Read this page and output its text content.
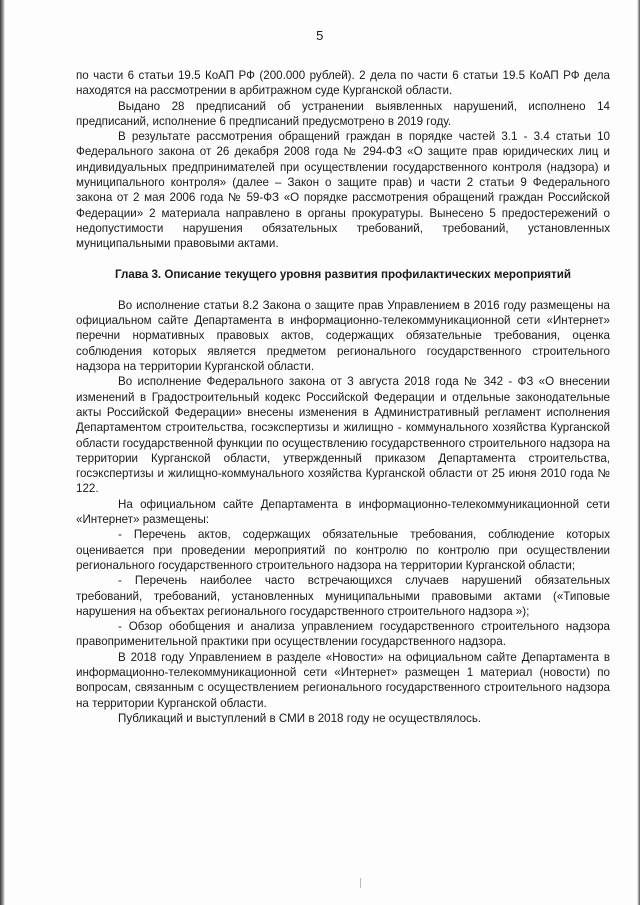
5

по части 6 статьи 19.5 КоАП РФ (200.000 рублей). 2 дела по части 6 статьи 19.5 КоАП РФ дела находятся на рассмотрении в арбитражном суде Курганской области.

Выдано 28 предписаний об устранении выявленных нарушений, исполнено 14 предписаний, исполнение 6 предписаний предусмотрено в 2019 году.

В результате рассмотрения обращений граждан в порядке частей 3.1 - 3.4 статьи 10 Федерального закона от 26 декабря 2008 года № 294-ФЗ «О защите прав юридических лиц и индивидуальных предпринимателей при осуществлении государственного контроля (надзора) и муниципального контроля» (далее – Закон о защите прав) и части 2 статьи 9 Федерального закона от 2 мая 2006 года № 59-ФЗ «О порядке рассмотрения обращений граждан Российской Федерации» 2 материала направлено в органы прокуратуры. Вынесено 5 предостережений о недопустимости нарушения обязательных требований, требований, установленных муниципальными правовыми актами.

Глава 3. Описание текущего уровня развития профилактических мероприятий

Во исполнение статьи 8.2 Закона о защите прав Управлением в 2016 году размещены на официальном сайте Департамента в информационно-телекоммуникационной сети «Интернет» перечни нормативных правовых актов, содержащих обязательные требования, оценка соблюдения которых является предметом регионального государственного строительного надзора на территории Курганской области.

Во исполнение Федерального закона от 3 августа 2018 года № 342 - ФЗ «О внесении изменений в Градостроительный кодекс Российской Федерации и отдельные законодательные акты Российской Федерации» внесены изменения в Административный регламент исполнения Департаментом строительства, госэкспертизы и жилищно - коммунального хозяйства Курганской области государственной функции по осуществлению государственного строительного надзора на территории Курганской области, утвержденный приказом Департамента строительства, госэкспертизы и жилищно-коммунального хозяйства Курганской области от 25 июня 2010 года № 122.

На официальном сайте Департамента в информационно-телекоммуникационной сети «Интернет» размещены:

- Перечень актов, содержащих обязательные требования, соблюдение которых оценивается при проведении мероприятий по контролю по контролю при осуществлении регионального государственного строительного надзора на территории Курганской области;

- Перечень наиболее часто встречающихся случаев нарушений обязательных требований, требований, установленных муниципальными правовыми актами («Типовые нарушения на объектах регионального государственного строительного надзора »);

- Обзор обобщения и анализа управлением государственного строительного надзора правоприменительной практики при осуществлении государственного надзора.

В 2018 году Управлением в разделе «Новости» на официальном сайте Департамента в информационно-телекоммуникационной сети «Интернет» размещен 1 материал (новости) по вопросам, связанным с осуществлением регионального государственного строительного надзора на территории Курганской области.

Публикаций и выступлений в СМИ в 2018 году не осуществлялось.
